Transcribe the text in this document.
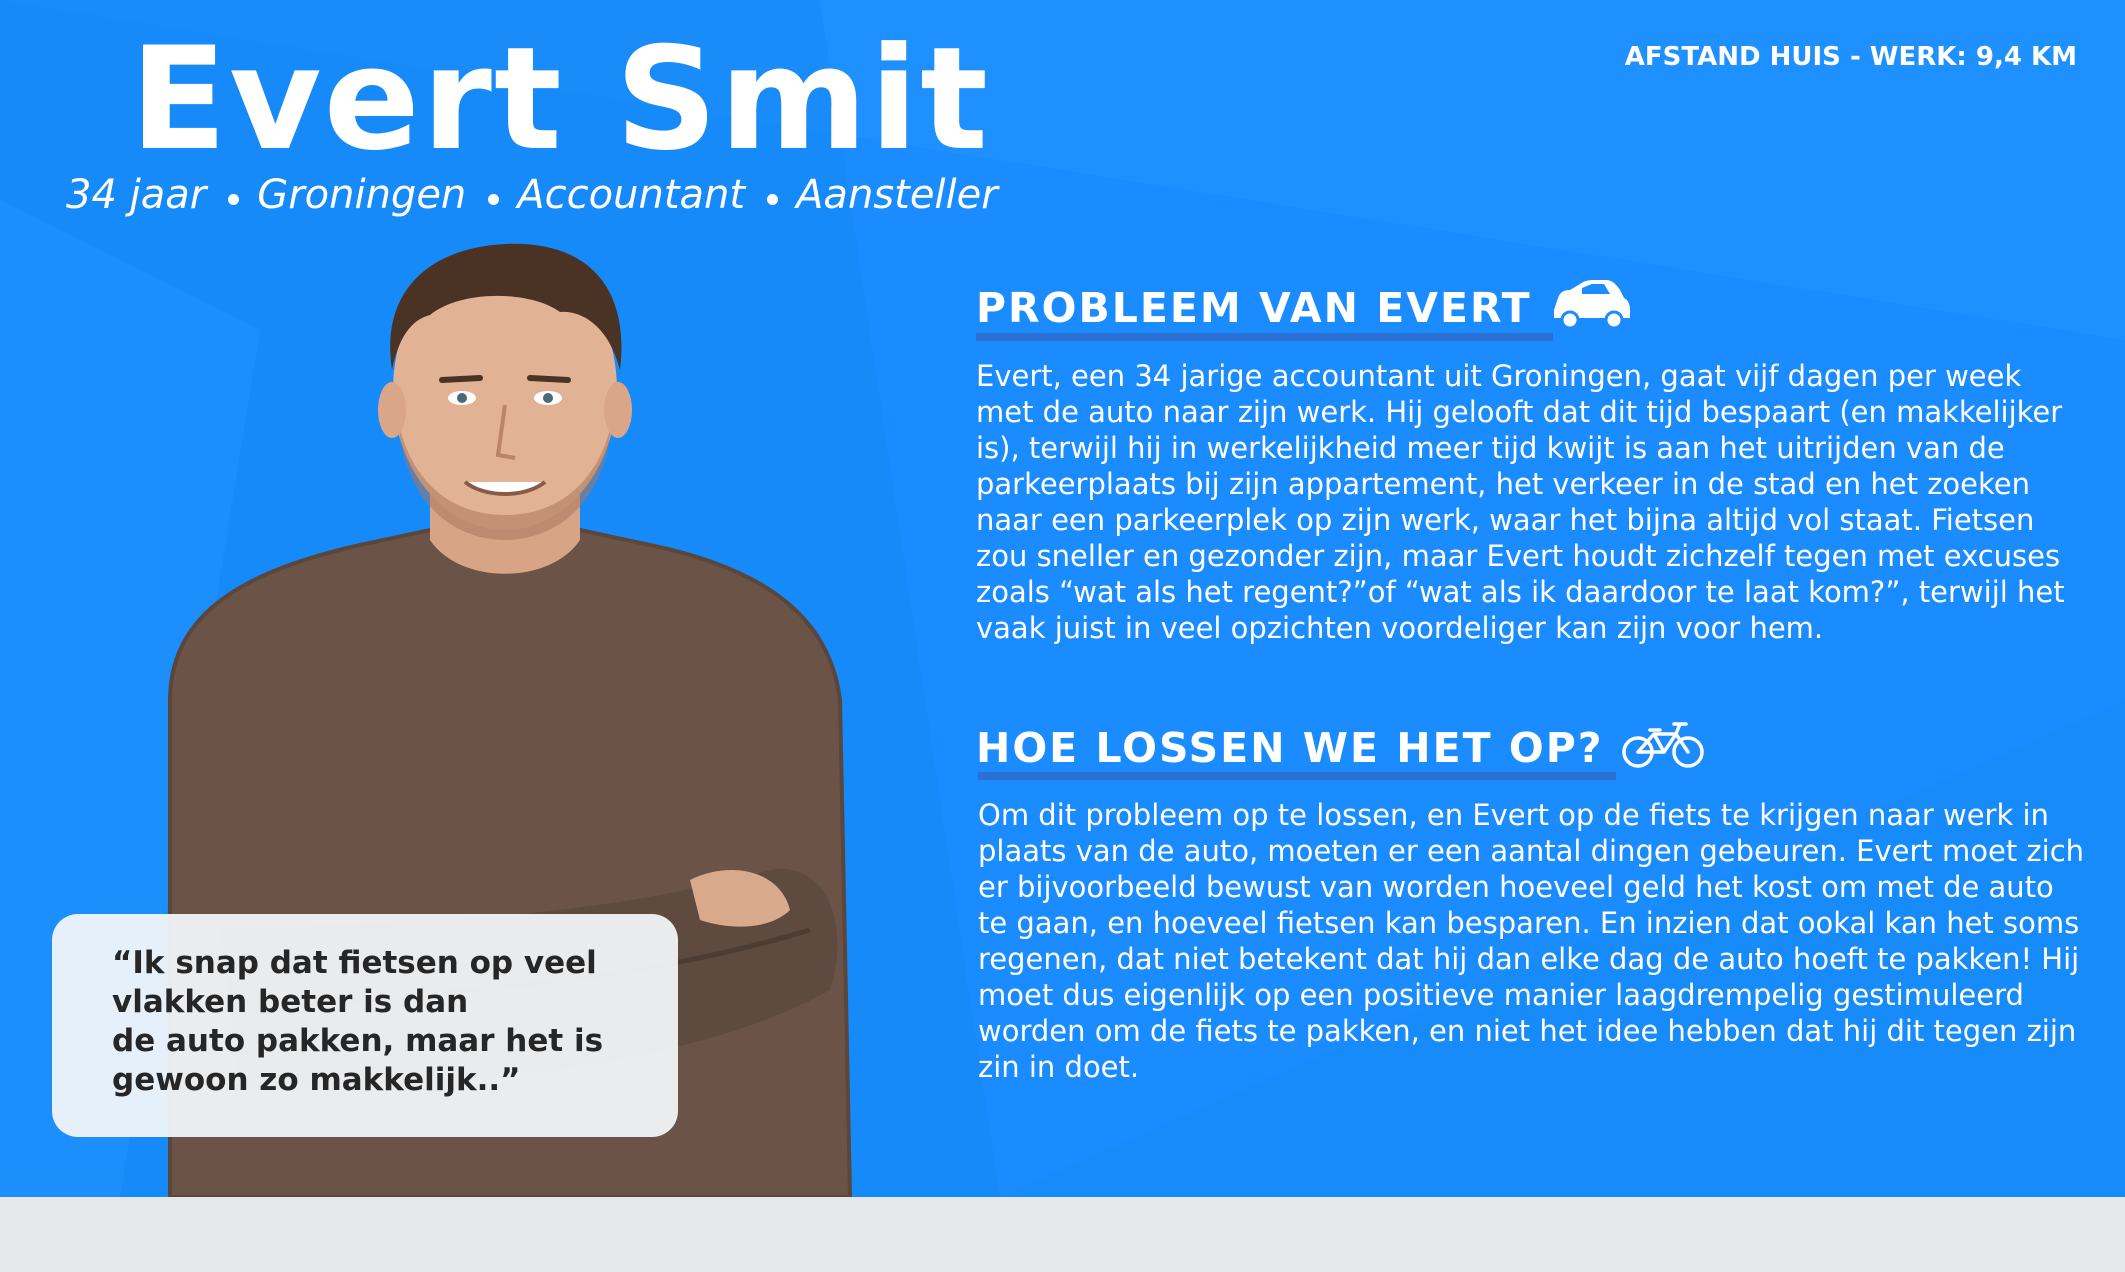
Evert Smit
34 jaar Groningen Accountant Aansteller
AFSTAND HUIS - WERK: 9,4 KM
PROBLEEM VAN EVERT
Evert, een 34 jarige accountant uit Groningen, gaat vijf dagen per week met de auto naar zijn werk. Hij gelooft dat dit tijd bespaart (en makkelijker is), terwijl hij in werkelijkheid meer tijd kwijt is aan het uitrijden van de parkeerplaats bij zijn appartement, het verkeer in de stad en het zoeken naar een parkeerplek op zijn werk, waar het bijna altijd vol staat. Fietsen zou sneller en gezonder zijn, maar Evert houdt zichzelf tegen met excuses zoals “wat als het regent?”of “wat als ik daardoor te laat kom?”, terwijl het vaak juist in veel opzichten voordeliger kan zijn voor hem.
HOE LOSSEN WE HET OP?
Om dit probleem op te lossen, en Evert op de fiets te krijgen naar werk in plaats van de auto, moeten er een aantal dingen gebeuren. Evert moet zich er bijvoorbeeld bewust van worden hoeveel geld het kost om met de auto te gaan, en hoeveel fietsen kan besparen. En inzien dat ookal kan het soms regenen, dat niet betekent dat hij dan elke dag de auto hoeft te pakken! Hij moet dus eigenlijk op een positieve manier laagdrempelig gestimuleerd worden om de fiets te pakken, en niet het idee hebben dat hij dit tegen zijn zin in doet.
“Ik snap dat fietsen op veel
vlakken beter is dan
de auto pakken, maar het is
gewoon zo makkelijk..”
